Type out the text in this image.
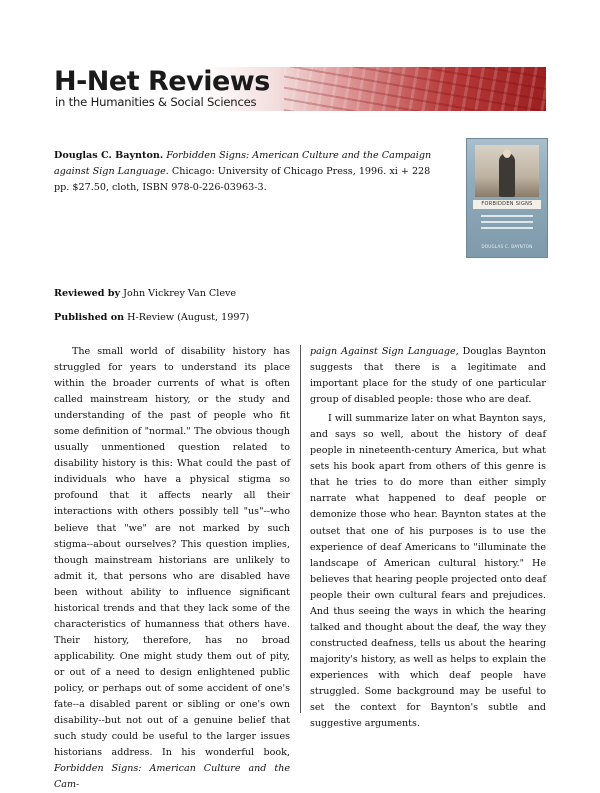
H-Net Reviews
in the Humanities & Social Sciences
Douglas C. Baynton. Forbidden Signs: American Culture and the Campaign against Sign Language. Chicago: University of Chicago Press, 1996. xi + 228 pp. $27.50, cloth, ISBN 978-0-226-03963-3.
FORBIDDEN SIGNS
DOUGLAS C. BAYNTON
Reviewed by John Vickrey Van Cleve
Published on H-Review (August, 1997)

The small world of disability history has struggled for years to understand its place within the broader currents of what is often called mainstream history, or the study and understanding of the past of people who fit some definition of "normal." The obvious though usually unmentioned question related to disability history is this: What could the past of individuals who have a physical stigma so profound that it affects nearly all their interactions with others possibly tell "us"--who believe that "we" are not marked by such stigma--about ourselves? This question implies, though mainstream historians are unlikely to admit it, that persons who are disabled have been without ability to influence significant historical trends and that they lack some of the characteristics of humanness that others have. Their history, therefore, has no broad applicability. One might study them out of pity, or out of a need to design enlightened public policy, or perhaps out of some accident of one's fate--a disabled parent or sibling or one's own disability--but not out of a genuine belief that such study could be useful to the larger issues historians address. In his wonderful book, Forbidden Signs: American Culture and the Cam-

paign Against Sign Language, Douglas Baynton suggests that there is a legitimate and important place for the study of one particular group of disabled people: those who are deaf.

I will summarize later on what Baynton says, and says so well, about the history of deaf people in nineteenth-century America, but what sets his book apart from others of this genre is that he tries to do more than either simply narrate what happened to deaf people or demonize those who hear. Baynton states at the outset that one of his purposes is to use the experience of deaf Americans to "illuminate the landscape of American cultural history." He believes that hearing people projected onto deaf people their own cultural fears and prejudices. And thus seeing the ways in which the hearing talked and thought about the deaf, the way they constructed deafness, tells us about the hearing majority's history, as well as helps to explain the experiences with which deaf people have struggled. Some background may be useful to set the context for Baynton's subtle and suggestive arguments.
